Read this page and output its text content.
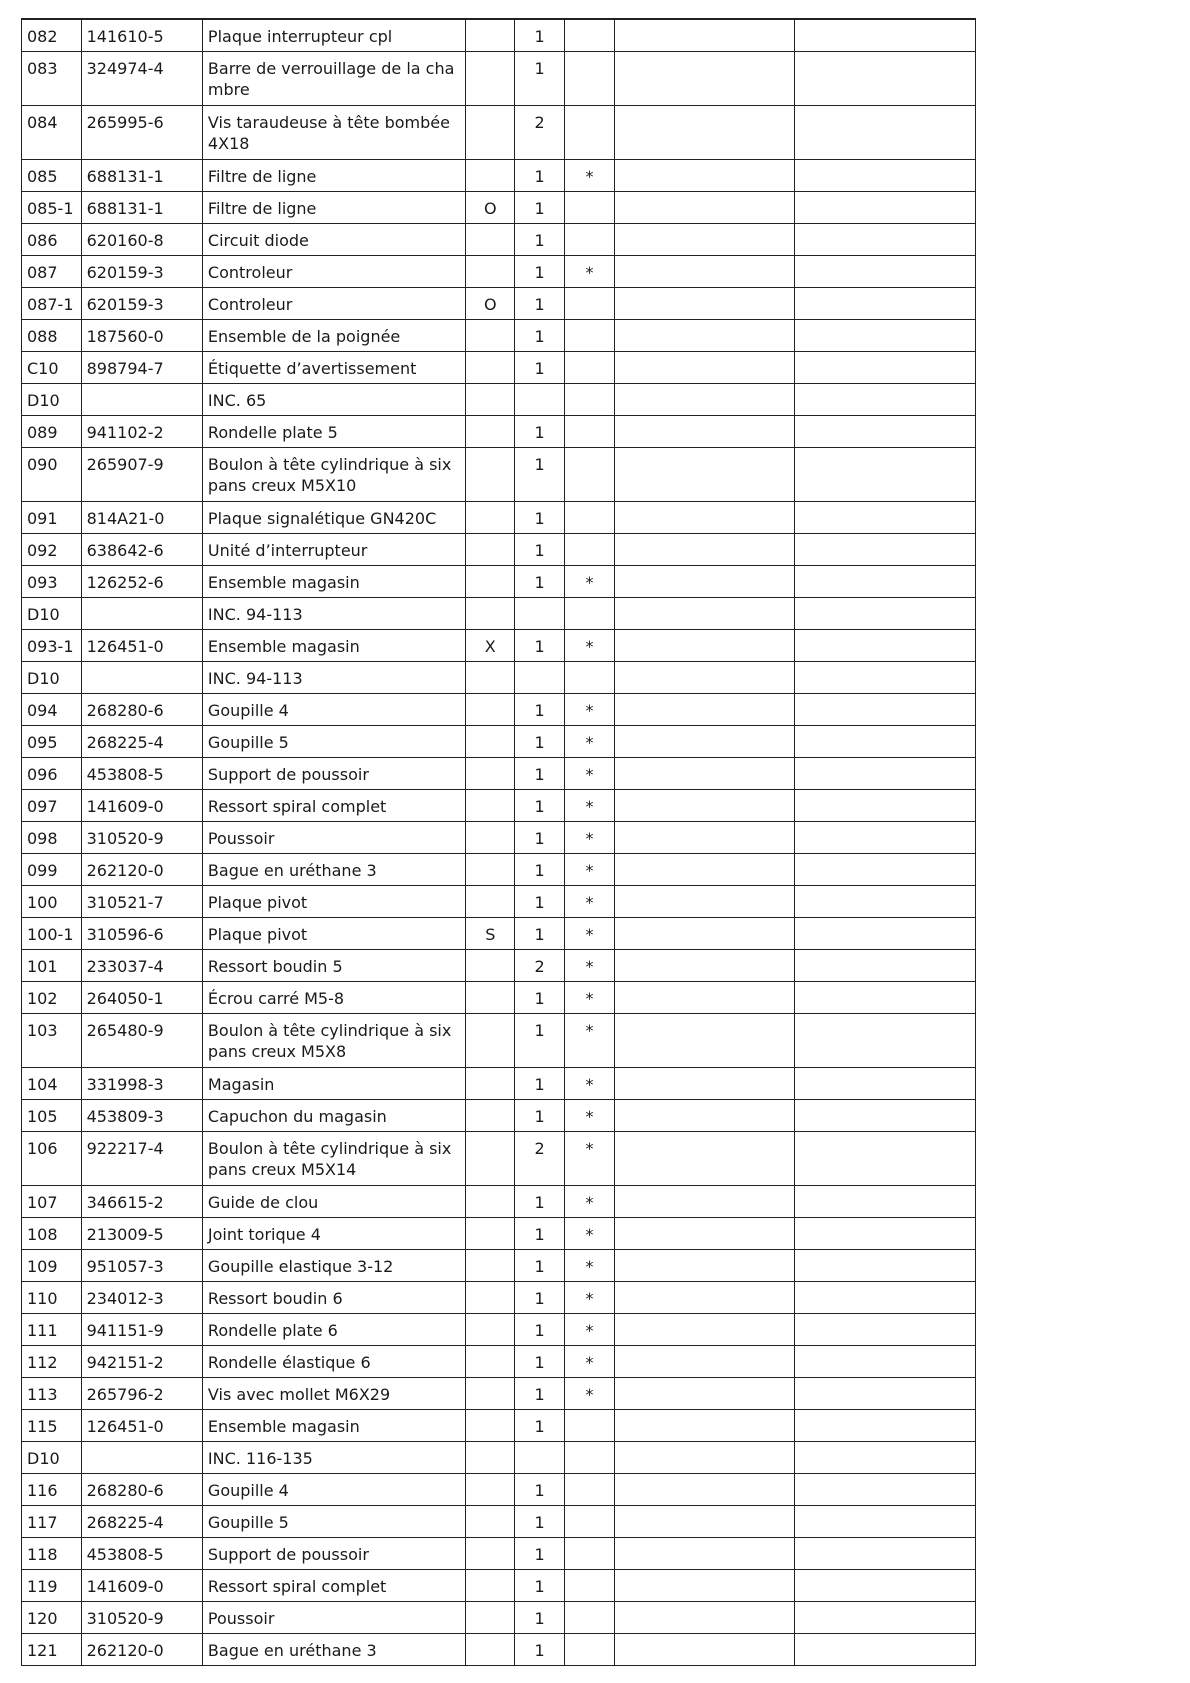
082	141610-5	Plaque interrupteur cpl		1			
083	324974-4	Barre de verrouillage de la chambre		1			
084	265995-6	Vis taraudeuse à tête bombée 4X18		2			
085	688131-1	Filtre de ligne		1	*		
085-1	688131-1	Filtre de ligne	O	1			
086	620160-8	Circuit diode		1			
087	620159-3	Controleur		1	*		
087-1	620159-3	Controleur	O	1			
088	187560-0	Ensemble de la poignée		1			
C10	898794-7	Étiquette d’avertissement		1			
D10		INC. 65					
089	941102-2	Rondelle plate 5		1			
090	265907-9	Boulon à tête cylindrique à six pans creux M5X10		1			
091	814A21-0	Plaque signalétique GN420C		1			
092	638642-6	Unité d’interrupteur		1			
093	126252-6	Ensemble magasin		1	*		
D10		INC. 94-113					
093-1	126451-0	Ensemble magasin	X	1	*		
D10		INC. 94-113					
094	268280-6	Goupille 4		1	*		
095	268225-4	Goupille 5		1	*		
096	453808-5	Support de poussoir		1	*		
097	141609-0	Ressort spiral complet		1	*		
098	310520-9	Poussoir		1	*		
099	262120-0	Bague en uréthane 3		1	*		
100	310521-7	Plaque pivot		1	*		
100-1	310596-6	Plaque pivot	S	1	*		
101	233037-4	Ressort boudin 5		2	*		
102	264050-1	Écrou carré M5-8		1	*		
103	265480-9	Boulon à tête cylindrique à six pans creux M5X8		1	*		
104	331998-3	Magasin		1	*		
105	453809-3	Capuchon du magasin		1	*		
106	922217-4	Boulon à tête cylindrique à six pans creux M5X14		2	*		
107	346615-2	Guide de clou		1	*		
108	213009-5	Joint torique 4		1	*		
109	951057-3	Goupille elastique 3-12		1	*		
110	234012-3	Ressort boudin 6		1	*		
111	941151-9	Rondelle plate 6		1	*		
112	942151-2	Rondelle élastique 6		1	*		
113	265796-2	Vis avec mollet M6X29		1	*		
115	126451-0	Ensemble magasin		1			
D10		INC. 116-135					
116	268280-6	Goupille 4		1			
117	268225-4	Goupille 5		1			
118	453808-5	Support de poussoir		1			
119	141609-0	Ressort spiral complet		1			
120	310520-9	Poussoir		1			
121	262120-0	Bague en uréthane 3		1			
